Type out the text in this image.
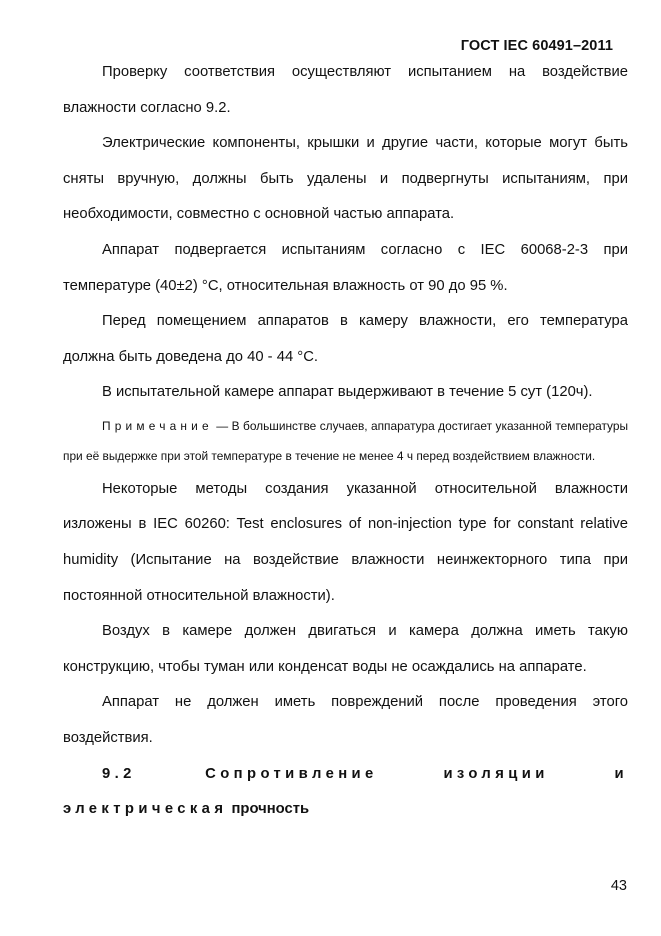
ГОСТ IEC 60491–2011

Проверку соответствия осуществляют испытанием на воздействие влажности согласно 9.2.

Электрические компоненты, крышки и другие части, которые могут быть сняты вручную, должны быть удалены и подвергнуты испытаниям, при необходимости, совместно с основной частью аппарата.

Аппарат подвергается испытаниям согласно с IEC 60068-2-3 при температуре (40±2) °С, относительная влажность от 90 до 95 %.

Перед помещением аппаратов в камеру влажности, его температура должна быть доведена до 40 - 44 °С.

В испытательной камере аппарат выдерживают в течение 5 сут (120ч).

Примечание — В большинстве случаев, аппаратура достигает указанной температуры при её выдержке при этой температуре в течение не менее 4 ч перед воздействием влажности.

Некоторые методы создания указанной относительной влажности изложены в IEC 60260: Test enclosures of non-injection type for constant relative humidity (Испытание на воздействие влажности неинжекторного типа при постоянной относительной влажности).

Воздух в камере должен двигаться и камера должна иметь такую конструкцию, чтобы туман или конденсат воды не осаждались на аппарате.

Аппарат не должен иметь повреждений после проведения этого воздействия.

9.2	Сопротивление изоляции и электрическая прочность

43
